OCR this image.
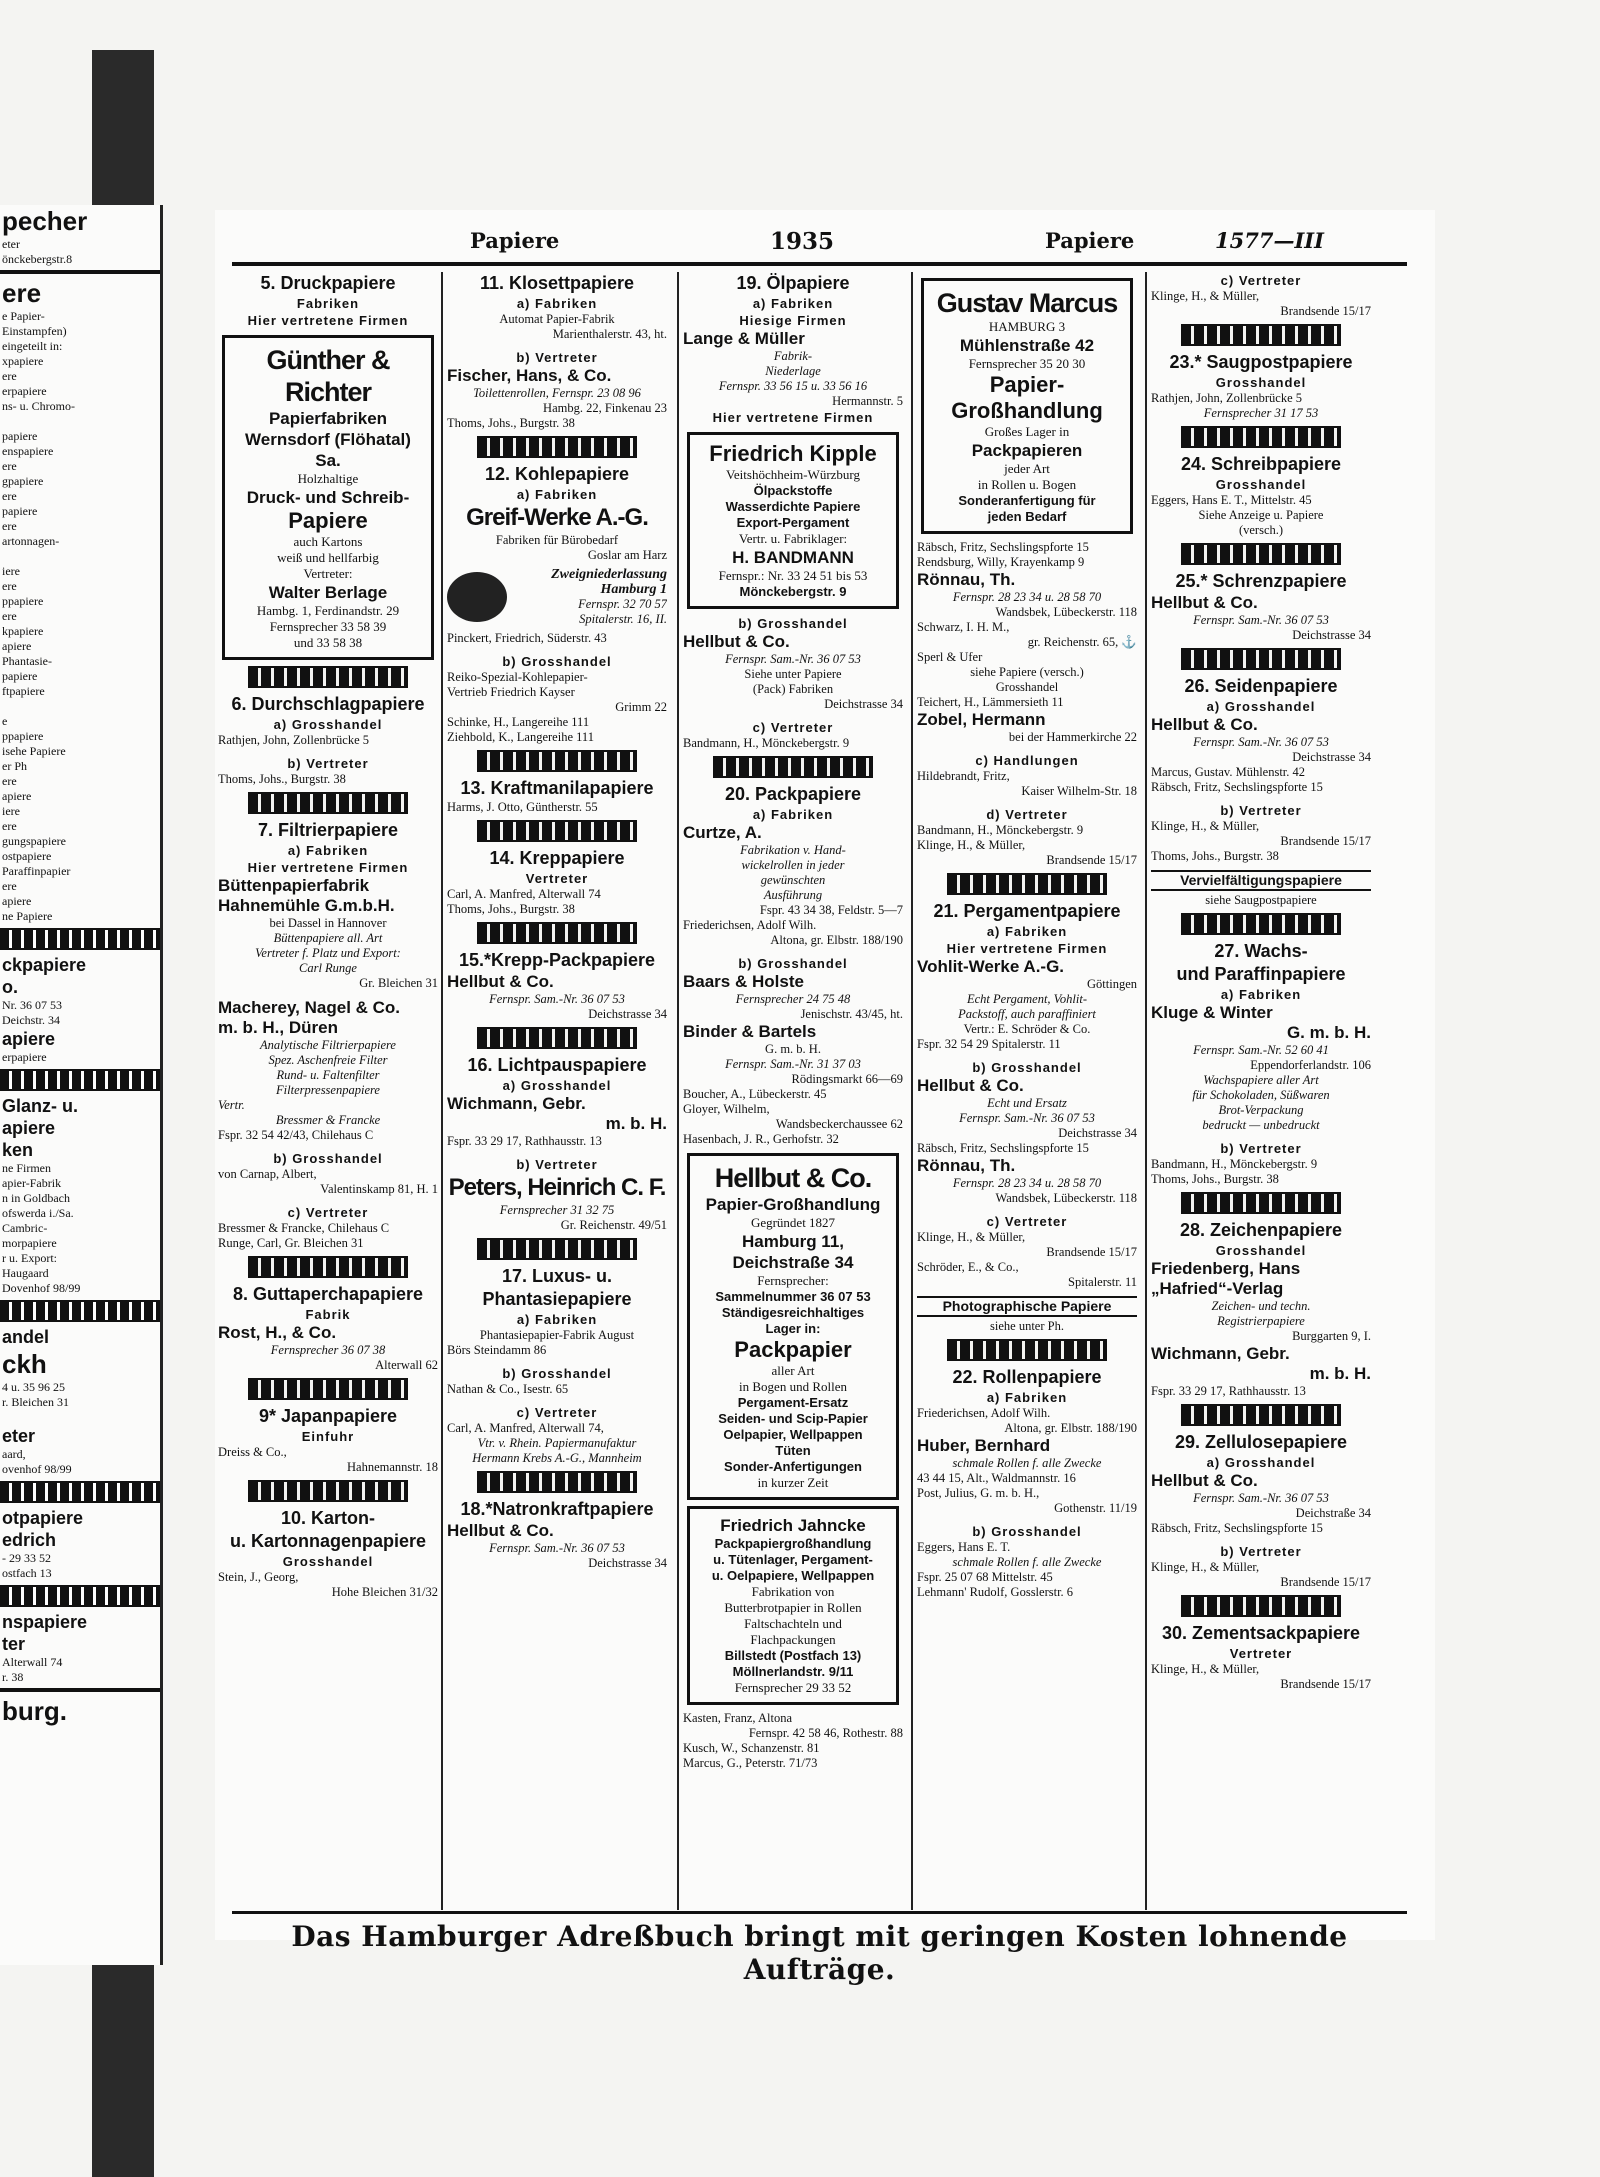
pecher
eter
önckebergstr.8
ere
e Papier-
Einstampfen)
eingeteilt in:
xpapiere
ere
erpapiere
ns- u. Chromo-

papiere
enspapiere
ere
gpapiere
ere
papiere
ere
artonnagen-

iere
ere
ppapiere
ere
kpapiere
apiere
Phantasie-
papiere
ftpapiere

e
ppapiere
isehe Papiere
er Ph
ere
apiere
iere
ere
gungspapiere
ostpapiere
Paraffinpapier
ere
apiere
ne Papiere
ckpapiere
o.
Nr. 36 07 53
Deichstr. 34
apiere
erpapiere
Glanz- u.
apiere
ken
ne Firmen
apier-Fabrik
n in Goldbach
ofswerda i./Sa.
Cambric-
morpapiere
r u. Export:
Haugaard
Dovenhof 98/99
andel
ckh
4 u. 35 96 25
r. Bleichen 31

eter
aard,
ovenhof 98/99
otpapiere
edrich
- 29 33 52
ostfach 13
nspapiere
ter
Alterwall 74
r. 38
burg.
Papiere	1935	Papiere	1577—III
5. Druckpapiere
Fabriken
Hier vertretene Firmen
Günther & Richter
Papierfabriken
Wernsdorf (Flöhatal) Sa.
Holzhaltige
Druck- und Schreib-
Papiere
auch Kartons
weiß und hellfarbig
Vertreter:
Walter Berlage
Hambg. 1, Ferdinandstr. 29
Fernsprecher 33 58 39
und 33 58 38
6. Durchschlagpapiere
a) Grosshandel
Rathjen, John, Zollenbrücke 5
b) Vertreter
Thoms, Johs., Burgstr. 38
7. Filtrierpapiere
a) Fabriken
Hier vertretene Firmen
Büttenpapierfabrik
Hahnemühle G.m.b.H.
bei Dassel in Hannover
Büttenpapiere all. Art
Vertreter f. Platz und Export:
Carl Runge
Gr. Bleichen 31
Macherey, Nagel & Co.
m. b. H., Düren
Analytische Filtrierpapiere
Spez. Aschenfreie Filter
Rund- u. Faltenfilter
Filterpressenpapiere
Vertr.
Bressmer & Francke
Fspr. 32 54 42/43, Chilehaus C
b) Grosshandel
von Carnap, Albert,
Valentinskamp 81, H. 1
c) Vertreter
Bressmer & Francke, Chilehaus C
Runge, Carl, Gr. Bleichen 31
8. Guttaperchapapiere
Fabrik
Rost, H., & Co.
Fernsprecher 36 07 38
Alterwall 62
9* Japanpapiere
Einfuhr
Dreiss & Co.,
Hahnemannstr. 18
10. Karton-
u. Kartonnagenpapiere
Grosshandel
Stein, J., Georg,
Hohe Bleichen 31/32
11. Klosettpapiere
a) Fabriken
Automat Papier-Fabrik
Marienthalerstr. 43, ht.
b) Vertreter
Fischer, Hans, & Co.
Toilettenrollen, Fernspr. 23 08 96
Hambg. 22, Finkenau 23
Thoms, Johs., Burgstr. 38
12. Kohlepapiere
a) Fabriken
Greif-Werke A.-G.
Fabriken für Bürobedarf
Goslar am Harz
Zweigniederlassung
Hamburg 1
Fernspr. 32 70 57
Spitalerstr. 16, II.
Pinckert, Friedrich, Süderstr. 43
b) Grosshandel
Reiko-Spezial-Kohlepapier-
Vertrieb Friedrich Kayser
Grimm 22
Schinke, H., Langereihe 111
Ziehbold, K., Langereihe 111
13. Kraftmanilapapiere
Harms, J. Otto, Güntherstr. 55
14. Kreppapiere
Vertreter
Carl, A. Manfred, Alterwall 74
Thoms, Johs., Burgstr. 38
15.*Krepp-Packpapiere
Hellbut & Co.
Fernspr. Sam.-Nr. 36 07 53
Deichstrasse 34
16. Lichtpauspapiere
a) Grosshandel
Wichmann, Gebr.
m. b. H.
Fspr. 33 29 17, Rathhausstr. 13
b) Vertreter
Peters, Heinrich C. F.
Fernsprecher 31 32 75
Gr. Reichenstr. 49/51
17. Luxus- u.
Phantasiepapiere
a) Fabriken
Phantasiepapier-Fabrik August
Börs Steindamm 86
b) Grosshandel
Nathan & Co., Isestr. 65
c) Vertreter
Carl, A. Manfred, Alterwall 74,
Vtr. v. Rhein. Papiermanufaktur
Hermann Krebs A.-G., Mannheim
18.*Natronkraftpapiere
Hellbut & Co.
Fernspr. Sam.-Nr. 36 07 53
Deichstrasse 34
19. Ölpapiere
a) Fabriken
Hiesige Firmen
Lange & Müller
Fabrik-
Niederlage
Fernspr. 33 56 15 u. 33 56 16
Hermannstr. 5
Hier vertretene Firmen
Friedrich Kipple
Veitshöchheim-Würzburg
Ölpackstoffe
Wasserdichte Papiere
Export-Pergament
Vertr. u. Fabriklager:
H. BANDMANN
Fernspr.: Nr. 33 24 51 bis 53
Mönckebergstr. 9
b) Grosshandel
Hellbut & Co.
Fernspr. Sam.-Nr. 36 07 53
Siehe unter Papiere
(Pack) Fabriken
Deichstrasse 34
c) Vertreter
Bandmann, H., Mönckebergstr. 9
20. Packpapiere
a) Fabriken
Curtze, A.
Fabrikation v. Hand-
wickelrollen in jeder
gewünschten
Ausführung
Fspr. 43 34 38, Feldstr. 5—7
Friederichsen, Adolf Wilh.
Altona, gr. Elbstr. 188/190
b) Grosshandel
Baars & Holste
Fernsprecher 24 75 48
Jenischstr. 43/45, ht.
Binder & Bartels
G. m. b. H.
Fernspr. Sam.-Nr. 31 37 03
Rödingsmarkt 66—69
Boucher, A., Lübeckerstr. 45
Gloyer, Wilhelm,
Wandsbeckerchaussee 62
Hasenbach, J. R., Gerhofstr. 32
Hellbut & Co.
Papier-Großhandlung
Gegründet 1827
Hamburg 11, Deichstraße 34
Fernsprecher:
Sammelnummer 36 07 53
Ständigesreichhaltiges
Lager in:
Packpapier
aller Art
in Bogen und Rollen
Pergament-Ersatz
Seiden- und Scip-Papier
Oelpapier, Wellpappen
Tüten
Sonder-Anfertigungen
in kurzer Zeit
Friedrich Jahncke
Packpapiergroßhandlung
u. Tütenlager, Pergament-
u. Oelpapiere, Wellpappen
Fabrikation von
Butterbrotpapier in Rollen
Faltschachteln und
Flachpackungen
Billstedt (Postfach 13)
Möllnerlandstr. 9/11
Fernsprecher 29 33 52
Kasten, Franz, Altona
Fernspr. 42 58 46, Rothestr. 88
Kusch, W., Schanzenstr. 81
Marcus, G., Peterstr. 71/73
Gustav Marcus
HAMBURG 3
Mühlenstraße 42
Fernsprecher 35 20 30
Papier-
Großhandlung
Großes Lager in
Packpapieren
jeder Art
in Rollen u. Bogen
Sonderanfertigung für
jeden Bedarf
Räbsch, Fritz, Sechslingspforte 15
Rendsburg, Willy, Krayenkamp 9
Rönnau, Th.
Fernspr. 28 23 34 u. 28 58 70
Wandsbek, Lübeckerstr. 118
Schwarz, I. H. M.,
gr. Reichenstr. 65, ⚓
Sperl & Ufer
siehe Papiere (versch.)
Grosshandel
Teichert, H., Lämmersieth 11
Zobel, Hermann
bei der Hammerkirche 22
c) Handlungen
Hildebrandt, Fritz,
Kaiser Wilhelm-Str. 18
d) Vertreter
Bandmann, H., Mönckebergstr. 9
Klinge, H., & Müller,
Brandsende 15/17
21. Pergamentpapiere
a) Fabriken
Hier vertretene Firmen
Vohlit-Werke A.-G.
Göttingen
Echt Pergament, Vohlit-
Packstoff, auch paraffiniert
Vertr.: E. Schröder & Co.
Fspr. 32 54 29 Spitalerstr. 11
b) Grosshandel
Hellbut & Co.
Echt und Ersatz
Fernspr. Sam.-Nr. 36 07 53
Deichstrasse 34
Räbsch, Fritz, Sechslingspforte 15
Rönnau, Th.
Fernspr. 28 23 34 u. 28 58 70
Wandsbek, Lübeckerstr. 118
c) Vertreter
Klinge, H., & Müller,
Brandsende 15/17
Schröder, E., & Co.,
Spitalerstr. 11
Photographische Papiere
siehe unter Ph.
22. Rollenpapiere
a) Fabriken
Friederichsen, Adolf Wilh.
Altona, gr. Elbstr. 188/190
Huber, Bernhard
schmale Rollen f. alle Zwecke
43 44 15, Alt., Waldmannstr. 16
Post, Julius, G. m. b. H.,
Gothenstr. 11/19
b) Grosshandel
Eggers, Hans E. T.
schmale Rollen f. alle Zwecke
Fspr. 25 07 68 Mittelstr. 45
Lehmann' Rudolf, Gosslerstr. 6
c) Vertreter
Klinge, H., & Müller,
Brandsende 15/17
23.* Saugpostpapiere
Grosshandel
Rathjen, John, Zollenbrücke 5
Fernsprecher 31 17 53
24. Schreibpapiere
Grosshandel
Eggers, Hans E. T., Mittelstr. 45
Siehe Anzeige u. Papiere
(versch.)
25.* Schrenzpapiere
Hellbut & Co.
Fernspr. Sam.-Nr. 36 07 53
Deichstrasse 34
26. Seidenpapiere
a) Grosshandel
Hellbut & Co.
Fernspr. Sam.-Nr. 36 07 53
Deichstrasse 34
Marcus, Gustav. Mühlenstr. 42
Räbsch, Fritz, Sechslingspforte 15
b) Vertreter
Klinge, H., & Müller,
Brandsende 15/17
Thoms, Johs., Burgstr. 38
Vervielfältigungspapiere
siehe Saugpostpapiere
27. Wachs-
und Paraffinpapiere
a) Fabriken
Kluge & Winter
G. m. b. H.
Fernspr. Sam.-Nr. 52 60 41
Eppendorferlandstr. 106
Wachspapiere aller Art
für Schokoladen, Süßwaren
Brot-Verpackung
bedruckt — unbedruckt
b) Vertreter
Bandmann, H., Mönckebergstr. 9
Thoms, Johs., Burgstr. 38
28. Zeichenpapiere
Grosshandel
Friedenberg, Hans
„Hafried“-Verlag
Zeichen- und techn.
Registrierpapiere
Burggarten 9, I.
Wichmann, Gebr.
m. b. H.
Fspr. 33 29 17, Rathhausstr. 13
29. Zellulosepapiere
a) Grosshandel
Hellbut & Co.
Fernspr. Sam.-Nr. 36 07 53
Deichstraße 34
Räbsch, Fritz, Sechslingspforte 15
b) Vertreter
Klinge, H., & Müller,
Brandsende 15/17
30. Zementsackpapiere
Vertreter
Klinge, H., & Müller,
Brandsende 15/17
Das Hamburger Adreßbuch bringt mit geringen Kosten lohnende Aufträge.
